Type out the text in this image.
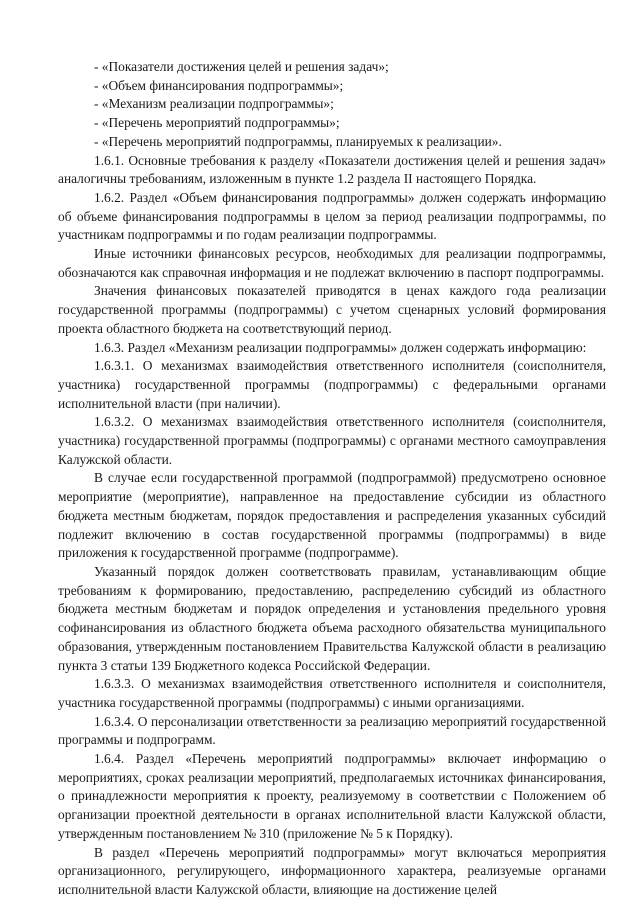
- «Показатели достижения целей и решения задач»;
- «Объем финансирования подпрограммы»;
- «Механизм реализации подпрограммы»;
- «Перечень мероприятий подпрограммы»;
- «Перечень мероприятий подпрограммы, планируемых к реализации».

1.6.1. Основные требования к разделу «Показатели достижения целей и решения задач» аналогичны требованиям, изложенным в пункте 1.2 раздела II настоящего Порядка.

1.6.2. Раздел «Объем финансирования подпрограммы» должен содержать информацию об объеме финансирования подпрограммы в целом за период реализации подпрограммы, по участникам подпрограммы и по годам реализации подпрограммы.

Иные источники финансовых ресурсов, необходимых для реализации подпрограммы, обозначаются как справочная информация и не подлежат включению в паспорт подпрограммы.

Значения финансовых показателей приводятся в ценах каждого года реализации государственной программы (подпрограммы) с учетом сценарных условий формирования проекта областного бюджета на соответствующий период.

1.6.3. Раздел «Механизм реализации подпрограммы» должен содержать информацию:

1.6.3.1. О механизмах взаимодействия ответственного исполнителя (соисполнителя, участника) государственной программы (подпрограммы) с федеральными органами исполнительной власти (при наличии).

1.6.3.2. О механизмах взаимодействия ответственного исполнителя (соисполнителя, участника) государственной программы (подпрограммы) с органами местного самоуправления Калужской области.

В случае если государственной программой (подпрограммой) предусмотрено основное мероприятие (мероприятие), направленное на предоставление субсидии из областного бюджета местным бюджетам, порядок предоставления и распределения указанных субсидий подлежит включению в состав государственной программы (подпрограммы) в виде приложения к государственной программе (подпрограмме).

Указанный порядок должен соответствовать правилам, устанавливающим общие требованиям к формированию, предоставлению, распределению субсидий из областного бюджета местным бюджетам и порядок определения и установления предельного уровня софинансирования из областного бюджета объема расходного обязательства муниципального образования, утвержденным постановлением Правительства Калужской области в реализацию пункта 3 статьи 139 Бюджетного кодекса Российской Федерации.

1.6.3.3. О механизмах взаимодействия ответственного исполнителя и соисполнителя, участника государственной программы (подпрограммы) с иными организациями.

1.6.3.4. О персонализации ответственности за реализацию мероприятий государственной программы и подпрограмм.

1.6.4. Раздел «Перечень мероприятий подпрограммы» включает информацию о мероприятиях, сроках реализации мероприятий, предполагаемых источниках финансирования, о принадлежности мероприятия к проекту, реализуемому в соответствии с Положением об организации проектной деятельности в органах исполнительной власти Калужской области, утвержденным постановлением № 310 (приложение № 5 к Порядку).

В раздел «Перечень мероприятий подпрограммы» могут включаться мероприятия организационного, регулирующего, информационного характера, реализуемые органами исполнительной власти Калужской области, влияющие на достижение целей
